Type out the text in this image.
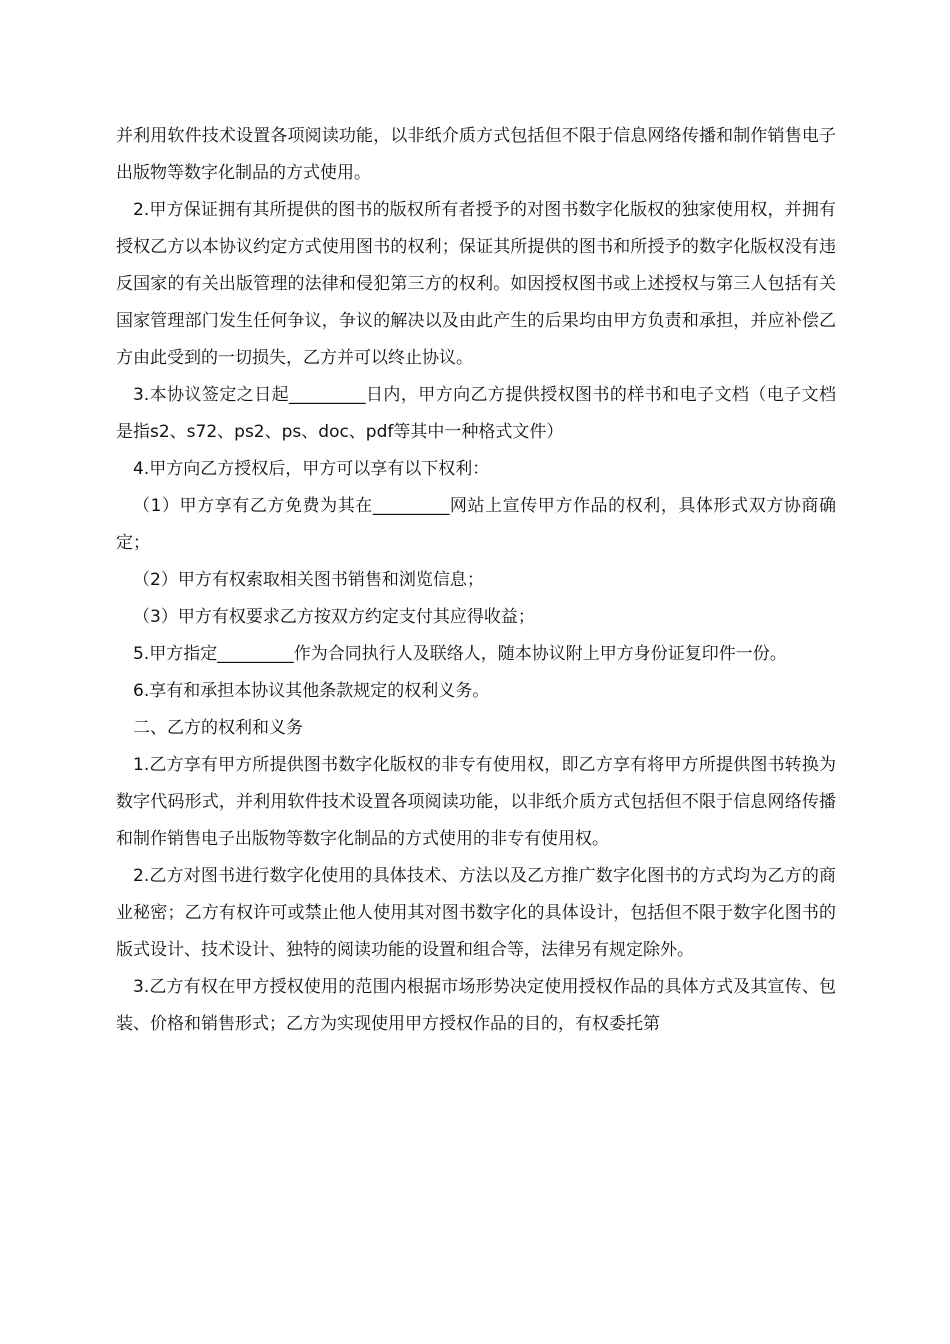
并利用软件技术设置各项阅读功能，以非纸介质方式包括但不限于信息网络传播和制作销售电子出版物等数字化制品的方式使用。

2.甲方保证拥有其所提供的图书的版权所有者授予的对图书数字化版权的独家使用权，并拥有授权乙方以本协议约定方式使用图书的权利；保证其所提供的图书和所授予的数字化版权没有违反国家的有关出版管理的法律和侵犯第三方的权利。如因授权图书或上述授权与第三人包括有关国家管理部门发生任何争议，争议的解决以及由此产生的后果均由甲方负责和承担，并应补偿乙方由此受到的一切损失，乙方并可以终止协议。

3.本协议签定之日起_________日内，甲方向乙方提供授权图书的样书和电子文档（电子文档是指s2、s72、ps2、ps、doc、pdf等其中一种格式文件）

4.甲方向乙方授权后，甲方可以享有以下权利：

（1）甲方享有乙方免费为其在_________网站上宣传甲方作品的权利，具体形式双方协商确定；

（2）甲方有权索取相关图书销售和浏览信息；

（3）甲方有权要求乙方按双方约定支付其应得收益；

5.甲方指定_________作为合同执行人及联络人，随本协议附上甲方身份证复印件一份。

6.享有和承担本协议其他条款规定的权利义务。

二、乙方的权利和义务

1.乙方享有甲方所提供图书数字化版权的非专有使用权，即乙方享有将甲方所提供图书转换为数字代码形式，并利用软件技术设置各项阅读功能，以非纸介质方式包括但不限于信息网络传播和制作销售电子出版物等数字化制品的方式使用的非专有使用权。

2.乙方对图书进行数字化使用的具体技术、方法以及乙方推广数字化图书的方式均为乙方的商业秘密；乙方有权许可或禁止他人使用其对图书数字化的具体设计，包括但不限于数字化图书的版式设计、技术设计、独特的阅读功能的设置和组合等，法律另有规定除外。

3.乙方有权在甲方授权使用的范围内根据市场形势决定使用授权作品的具体方式及其宣传、包装、价格和销售形式；乙方为实现使用甲方授权作品的目的，有权委托第
